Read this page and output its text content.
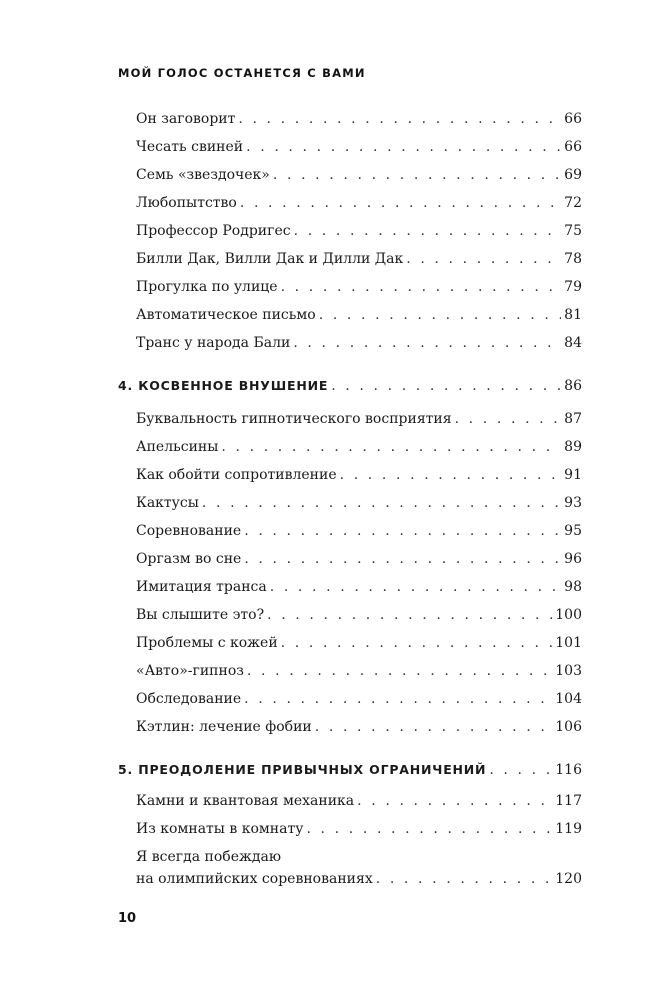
МОЙ ГОЛОС ОСТАНЕТСЯ С ВАМИ
Он заговорит . . .	66
Чесать свиней . . .	66
Семь «звездочек» . . .	69
Любопытство . . .	72
Профессор Родригес . . .	75
Билли Дак, Вилли Дак и Дилли Дак . . .	78
Прогулка по улице . . .	79
Автоматическое письмо . . .	81
Транс у народа Бали . . .	84
4. КОСВЕННОЕ ВНУШЕНИЕ . . .	86
Буквальность гипнотического восприятия . . .	87
Апельсины . . .	89
Как обойти сопротивление . . .	91
Кактусы . . .	93
Соревнование . . .	95
Оргазм во сне . . .	96
Имитация транса . . .	98
Вы слышите это? . . .	100
Проблемы с кожей . . .	101
«Авто»-гипноз . . .	103
Обследование . . .	104
Кэтлин: лечение фобии . . .	106
5. ПРЕОДОЛЕНИЕ ПРИВЫЧНЫХ ОГРАНИЧЕНИЙ . . .	116
Камни и квантовая механика . . .	117
Из комнаты в комнату . . .	119
Я всегда побеждаю
на олимпийских соревнованиях . . .	120
10
